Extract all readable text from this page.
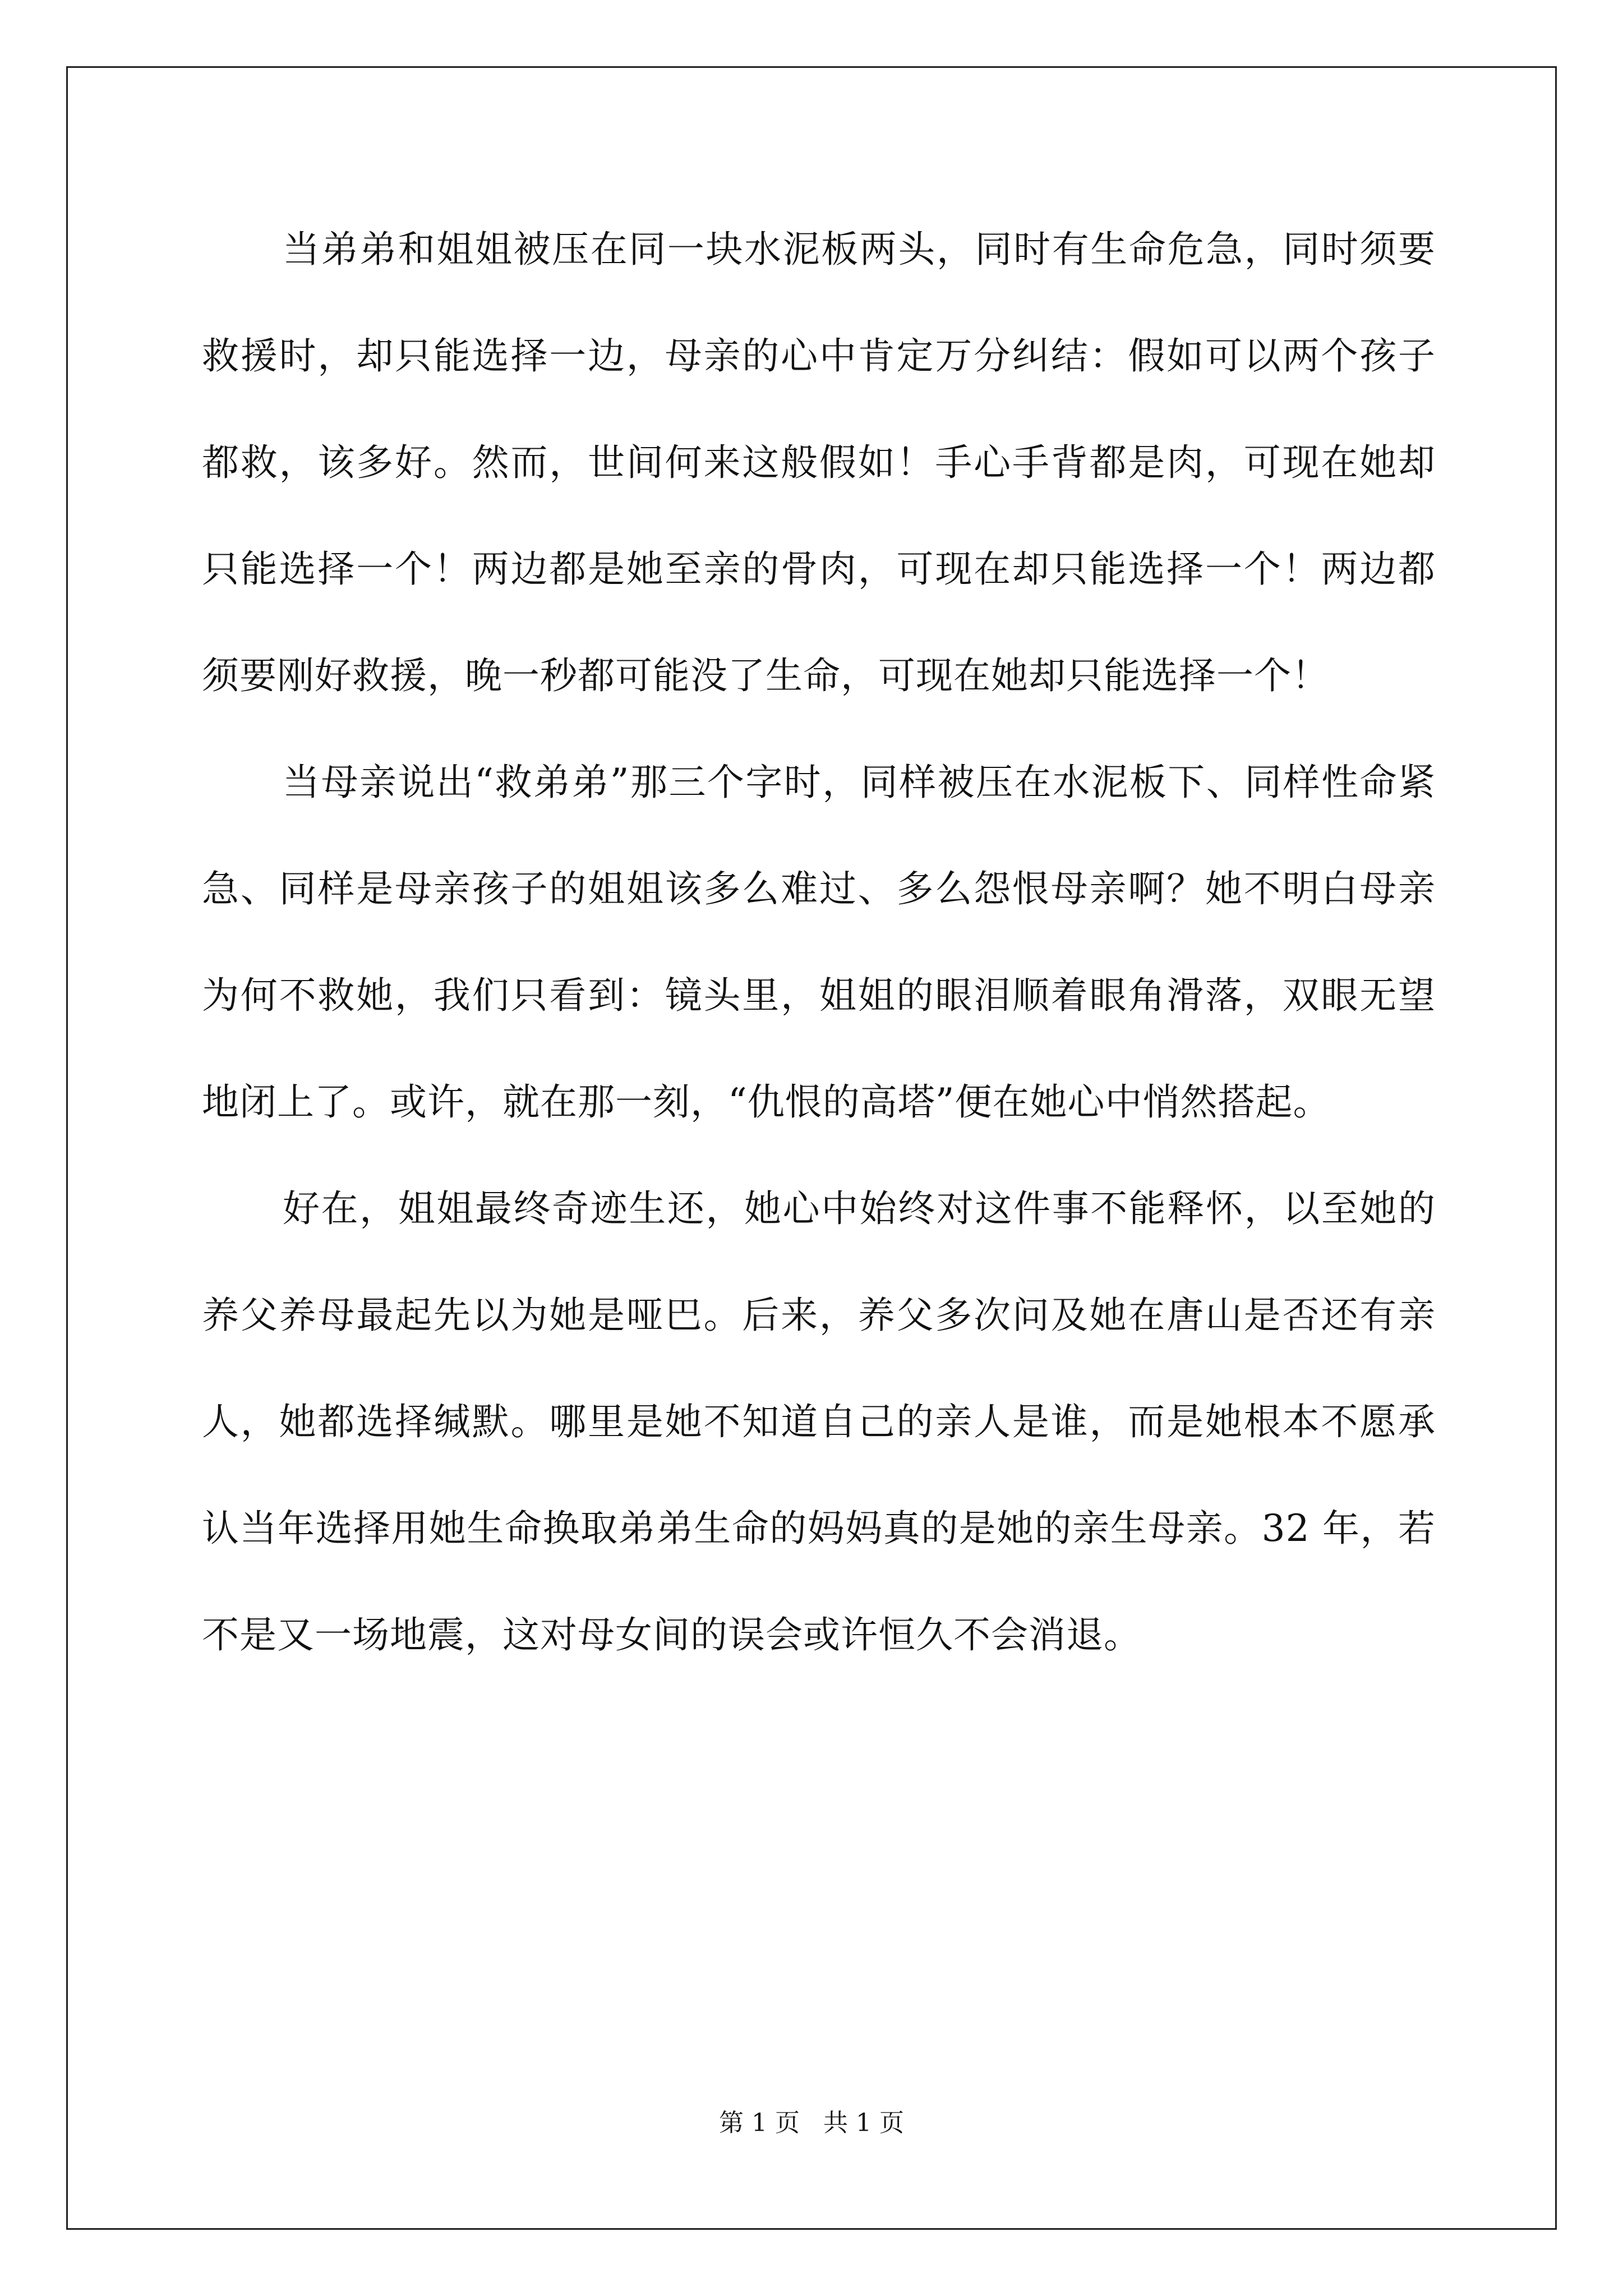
当弟弟和姐姐被压在同一块水泥板两头，同时有生命危急，同时须要救援时，却只能选择一边，母亲的心中肯定万分纠结：假如可以两个孩子都救，该多好。然而，世间何来这般假如！手心手背都是肉，可现在她却只能选择一个！两边都是她至亲的骨肉，可现在却只能选择一个！两边都须要刚好救援，晚一秒都可能没了生命，可现在她却只能选择一个！

当母亲说出“救弟弟”那三个字时，同样被压在水泥板下、同样性命紧急、同样是母亲孩子的姐姐该多么难过、多么怨恨母亲啊？她不明白母亲为何不救她，我们只看到：镜头里，姐姐的眼泪顺着眼角滑落，双眼无望地闭上了。或许，就在那一刻，“仇恨的高塔”便在她心中悄然搭起。

好在，姐姐最终奇迹生还，她心中始终对这件事不能释怀，以至她的养父养母最起先以为她是哑巴。后来，养父多次问及她在唐山是否还有亲人，她都选择缄默。哪里是她不知道自己的亲人是谁，而是她根本不愿承认当年选择用她生命换取弟弟生命的妈妈真的是她的亲生母亲。32 年，若不是又一场地震，这对母女间的误会或许恒久不会消退。

第 1 页 共 1 页
